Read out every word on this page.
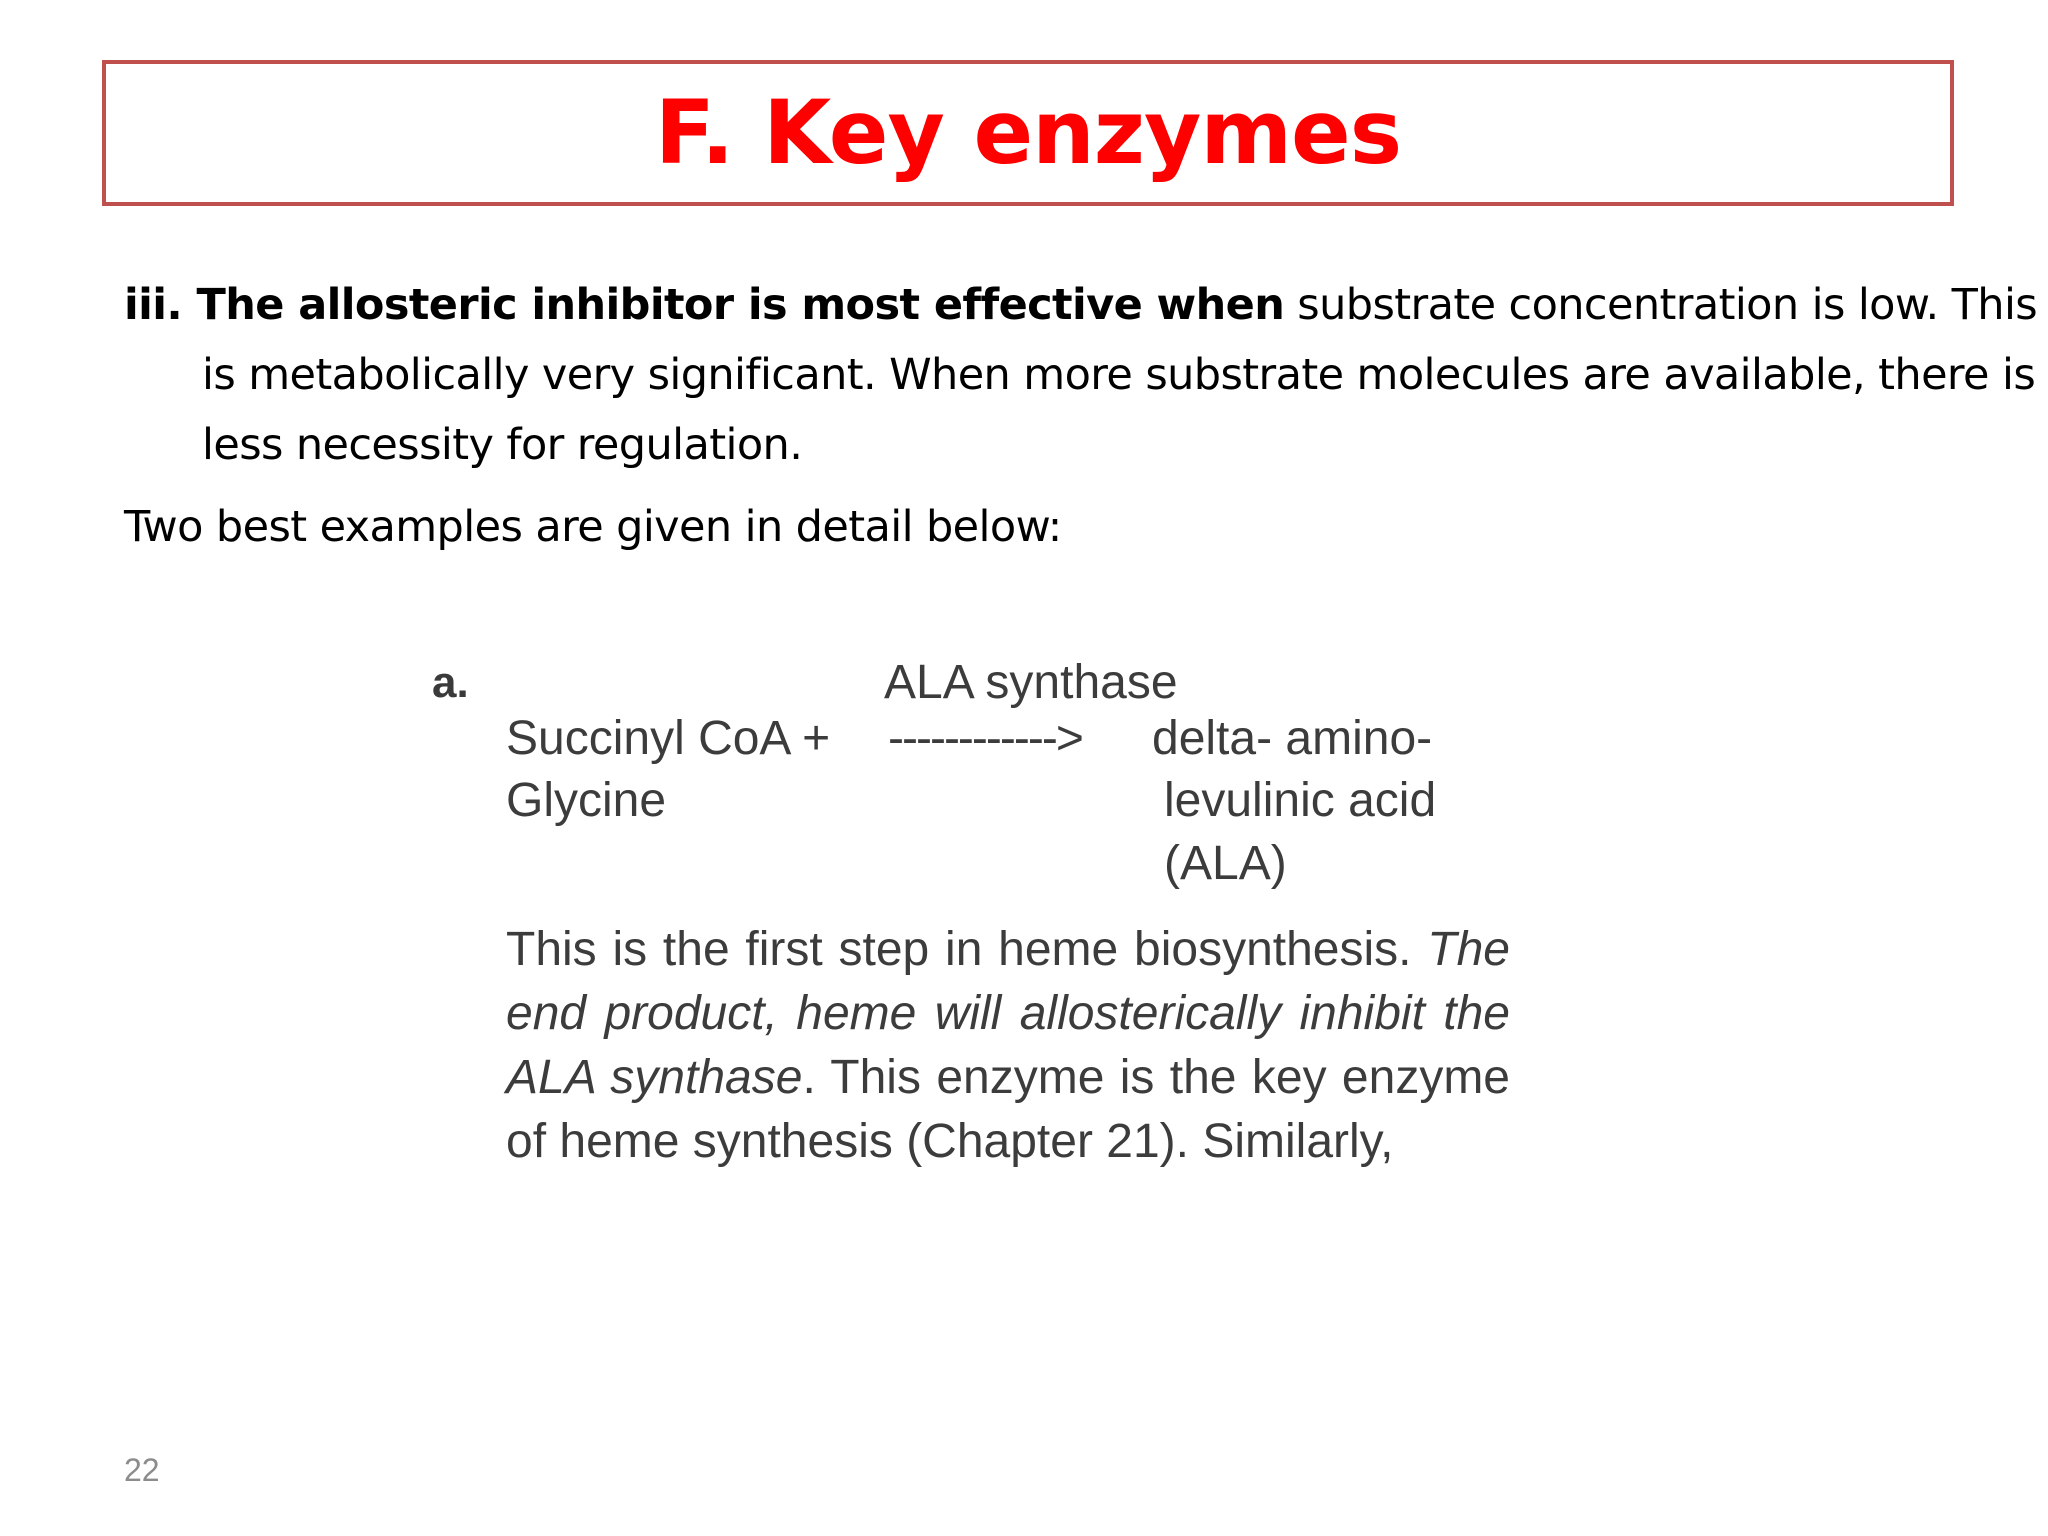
F. Key enzymes

iii. The allosteric inhibitor is most effective when substrate concentration is low. This is metabolically very significant. When more substrate molecules are available, there is less necessity for regulation.

Two best examples are given in detail below:

a.	ALA synthase
Succinyl CoA + ------------> delta- amino-
Glycine	levulinic acid
(ALA)

This is the first step in heme biosynthesis. The end product, heme will allosterically inhibit the ALA synthase. This enzyme is the key enzyme of heme synthesis (Chapter 21). Similarly,

22
